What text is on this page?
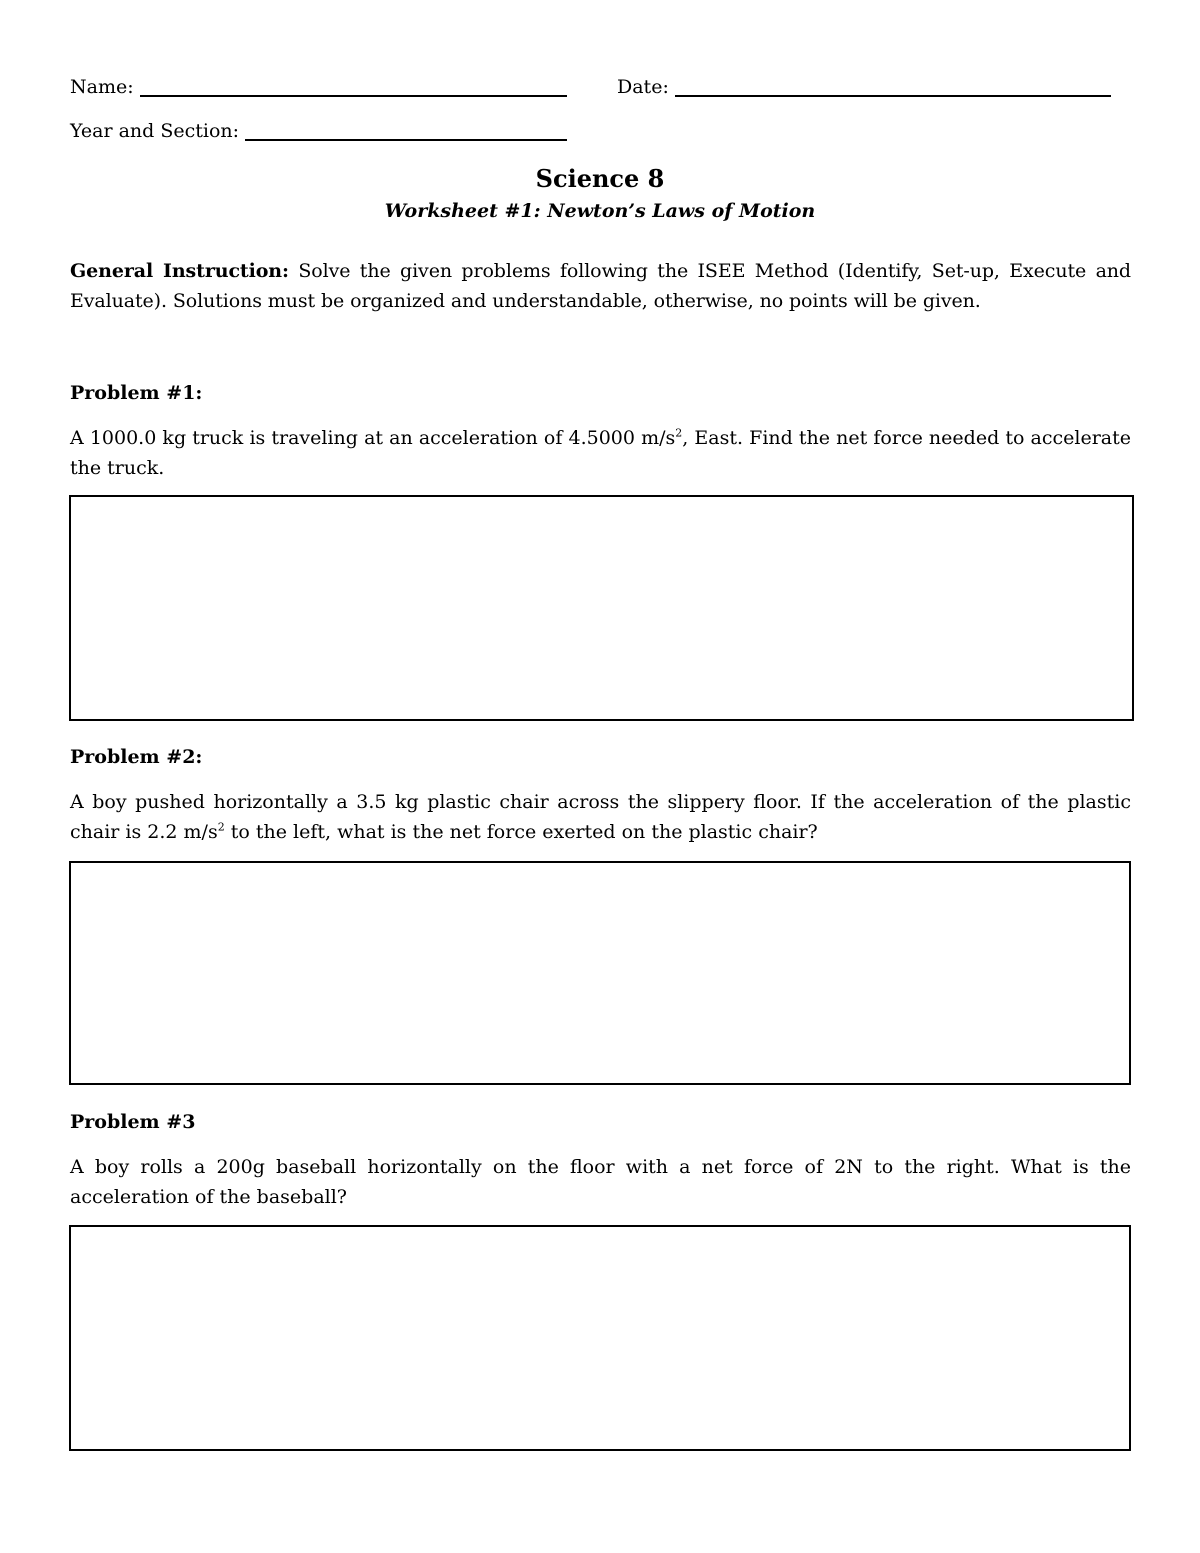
Name:	Date:
Year and Section:
Science 8
Worksheet #1: Newton’s Laws of Motion
General Instruction: Solve the given problems following the ISEE Method (Identify, Set-up, Execute and Evaluate). Solutions must be organized and understandable, otherwise, no points will be given.
Problem #1:
A 1000.0 kg truck is traveling at an acceleration of 4.5000 $m/s^2$, East. Find the net force needed to accelerate the truck.
Problem #2:
A boy pushed horizontally a 3.5 kg plastic chair across the slippery floor. If the acceleration of the plastic chair is 2.2 $m/s^2$ to the left, what is the net force exerted on the plastic chair?
Problem #3
A boy rolls a 200g baseball horizontally on the floor with a net force of 2N to the right. What is the acceleration of the baseball?
